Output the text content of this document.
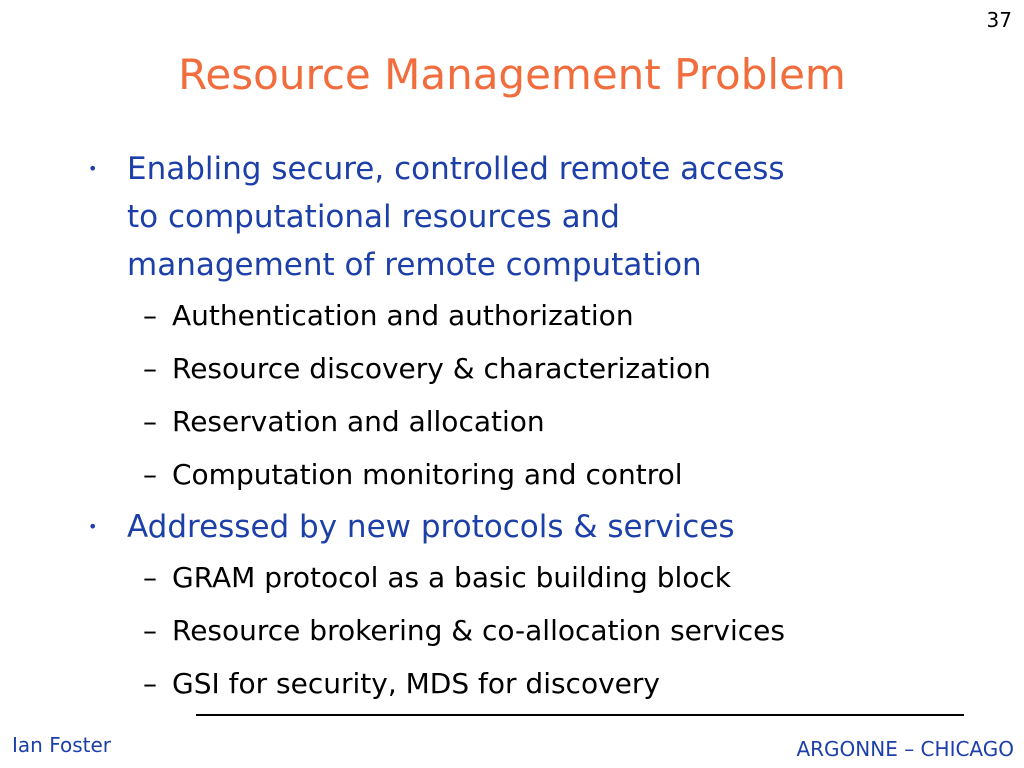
37
Resource Management Problem
• Enabling secure, controlled remote access
to computational resources and
management of remote computation
– Authentication and authorization
– Resource discovery & characterization
– Reservation and allocation
– Computation monitoring and control
• Addressed by new protocols & services
– GRAM protocol as a basic building block
– Resource brokering & co-allocation services
– GSI for security, MDS for discovery
Ian Foster	ARGONNE – CHICAGO
